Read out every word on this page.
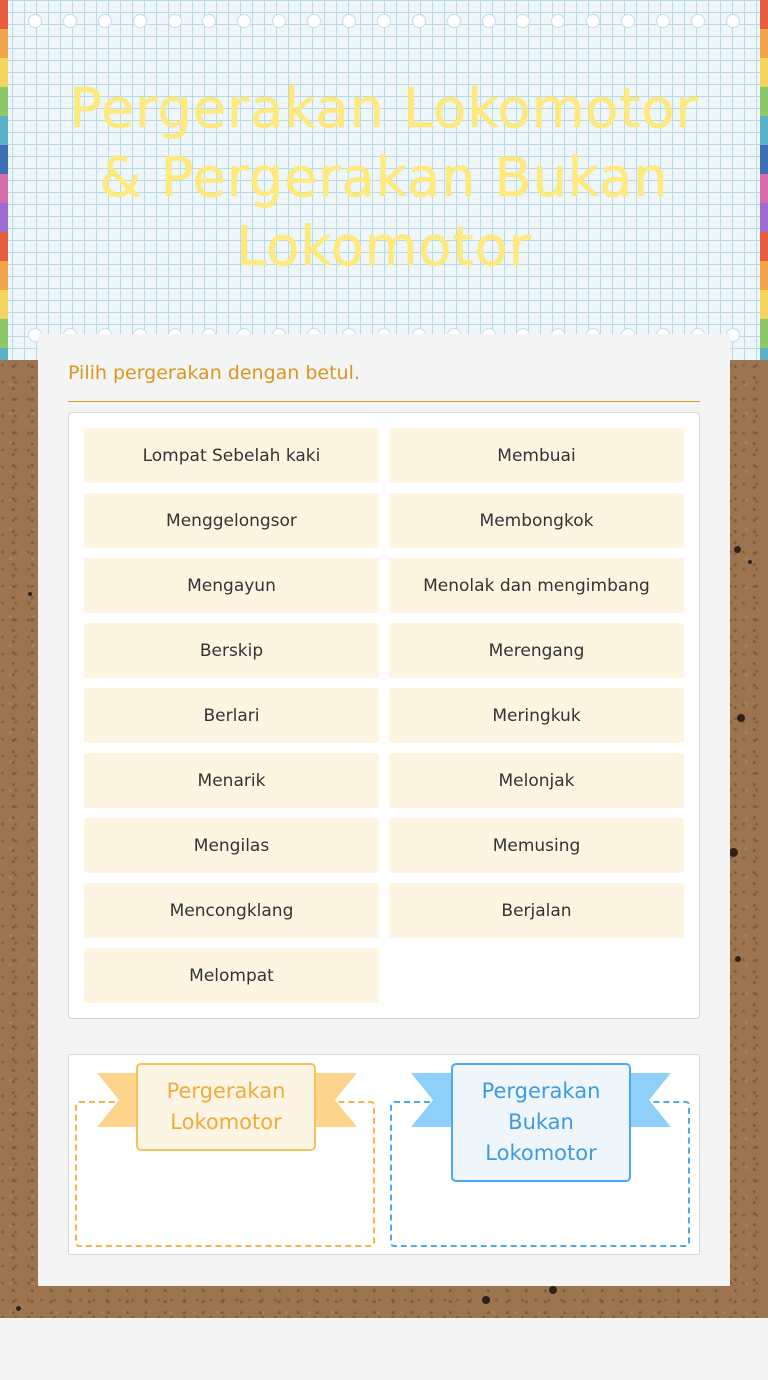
Pergerakan Lokomotor & Pergerakan Bukan Lokomotor

Pilih pergerakan dengan betul.

Lompat Sebelah kaki	Membuai
Menggelongsor	Membongkok
Mengayun	Menolak dan mengimbang
Berskip	Merengang
Berlari	Meringkuk
Menarik	Melonjak
Mengilas	Memusing
Mencongklang	Berjalan
Melompat
Pergerakan Lokomotor
Pergerakan Bukan Lokomotor
